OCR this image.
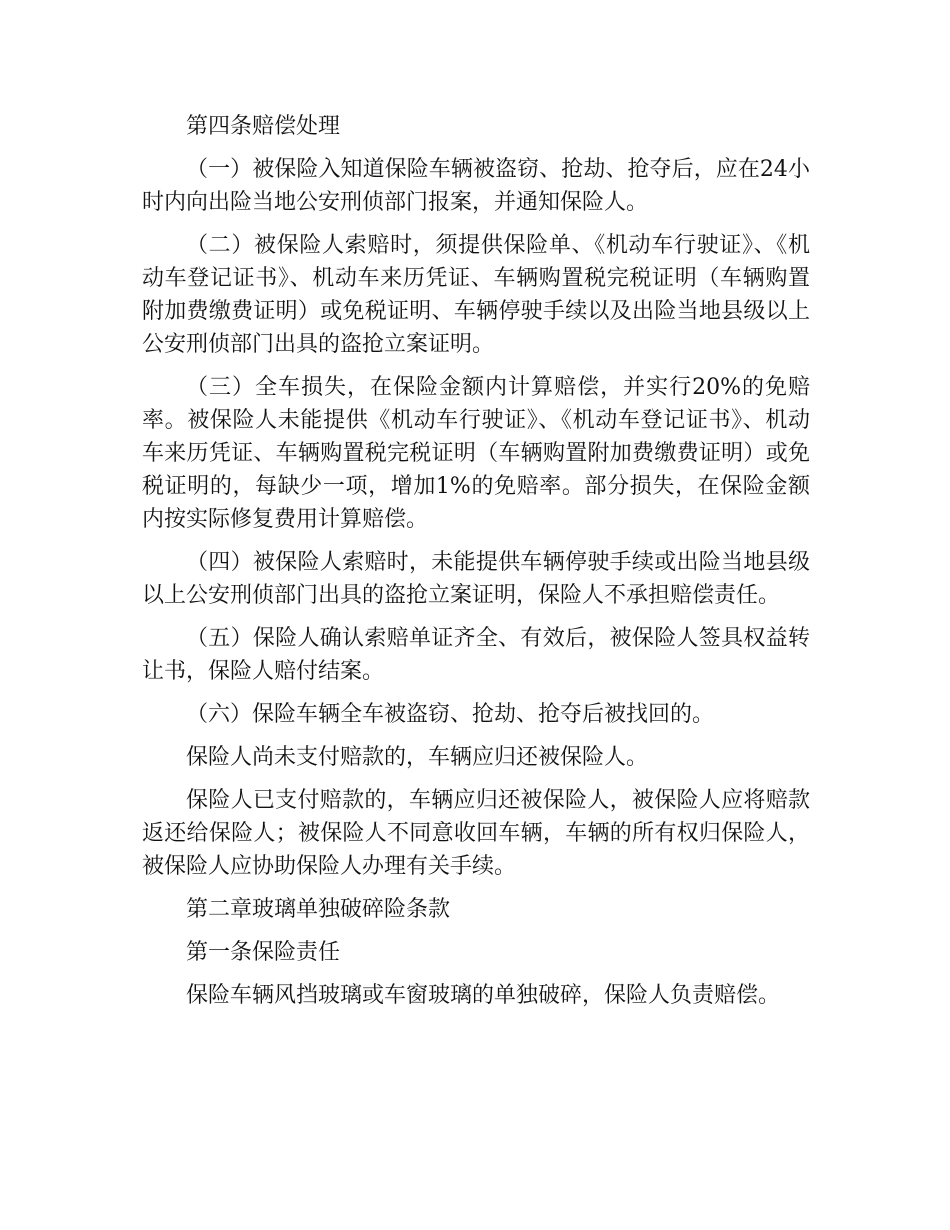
第四条赔偿处理

（一）被保险入知道保险车辆被盗窃、抢劫、抢夺后，应在24小时内向出险当地公安刑侦部门报案，并通知保险人。

（二）被保险人索赔时，须提供保险单、《机动车行驶证》、《机动车登记证书》、机动车来历凭证、车辆购置税完税证明（车辆购置附加费缴费证明）或免税证明、车辆停驶手续以及出险当地县级以上公安刑侦部门出具的盗抢立案证明。

（三）全车损失，在保险金额内计算赔偿，并实行20%的免赔率。被保险人未能提供《机动车行驶证》、《机动车登记证书》、机动车来历凭证、车辆购置税完税证明（车辆购置附加费缴费证明）或免税证明的，每缺少一项，增加1%的免赔率。部分损失，在保险金额内按实际修复费用计算赔偿。

（四）被保险人索赔时，未能提供车辆停驶手续或出险当地县级以上公安刑侦部门出具的盗抢立案证明，保险人不承担赔偿责任。

（五）保险人确认索赔单证齐全、有效后，被保险人签具权益转让书，保险人赔付结案。

（六）保险车辆全车被盗窃、抢劫、抢夺后被找回的。

保险人尚未支付赔款的，车辆应归还被保险人。

保险人已支付赔款的，车辆应归还被保险人，被保险人应将赔款返还给保险人；被保险人不同意收回车辆，车辆的所有权归保险人，被保险人应协助保险人办理有关手续。

第二章玻璃单独破碎险条款

第一条保险责任

保险车辆风挡玻璃或车窗玻璃的单独破碎，保险人负责赔偿。
